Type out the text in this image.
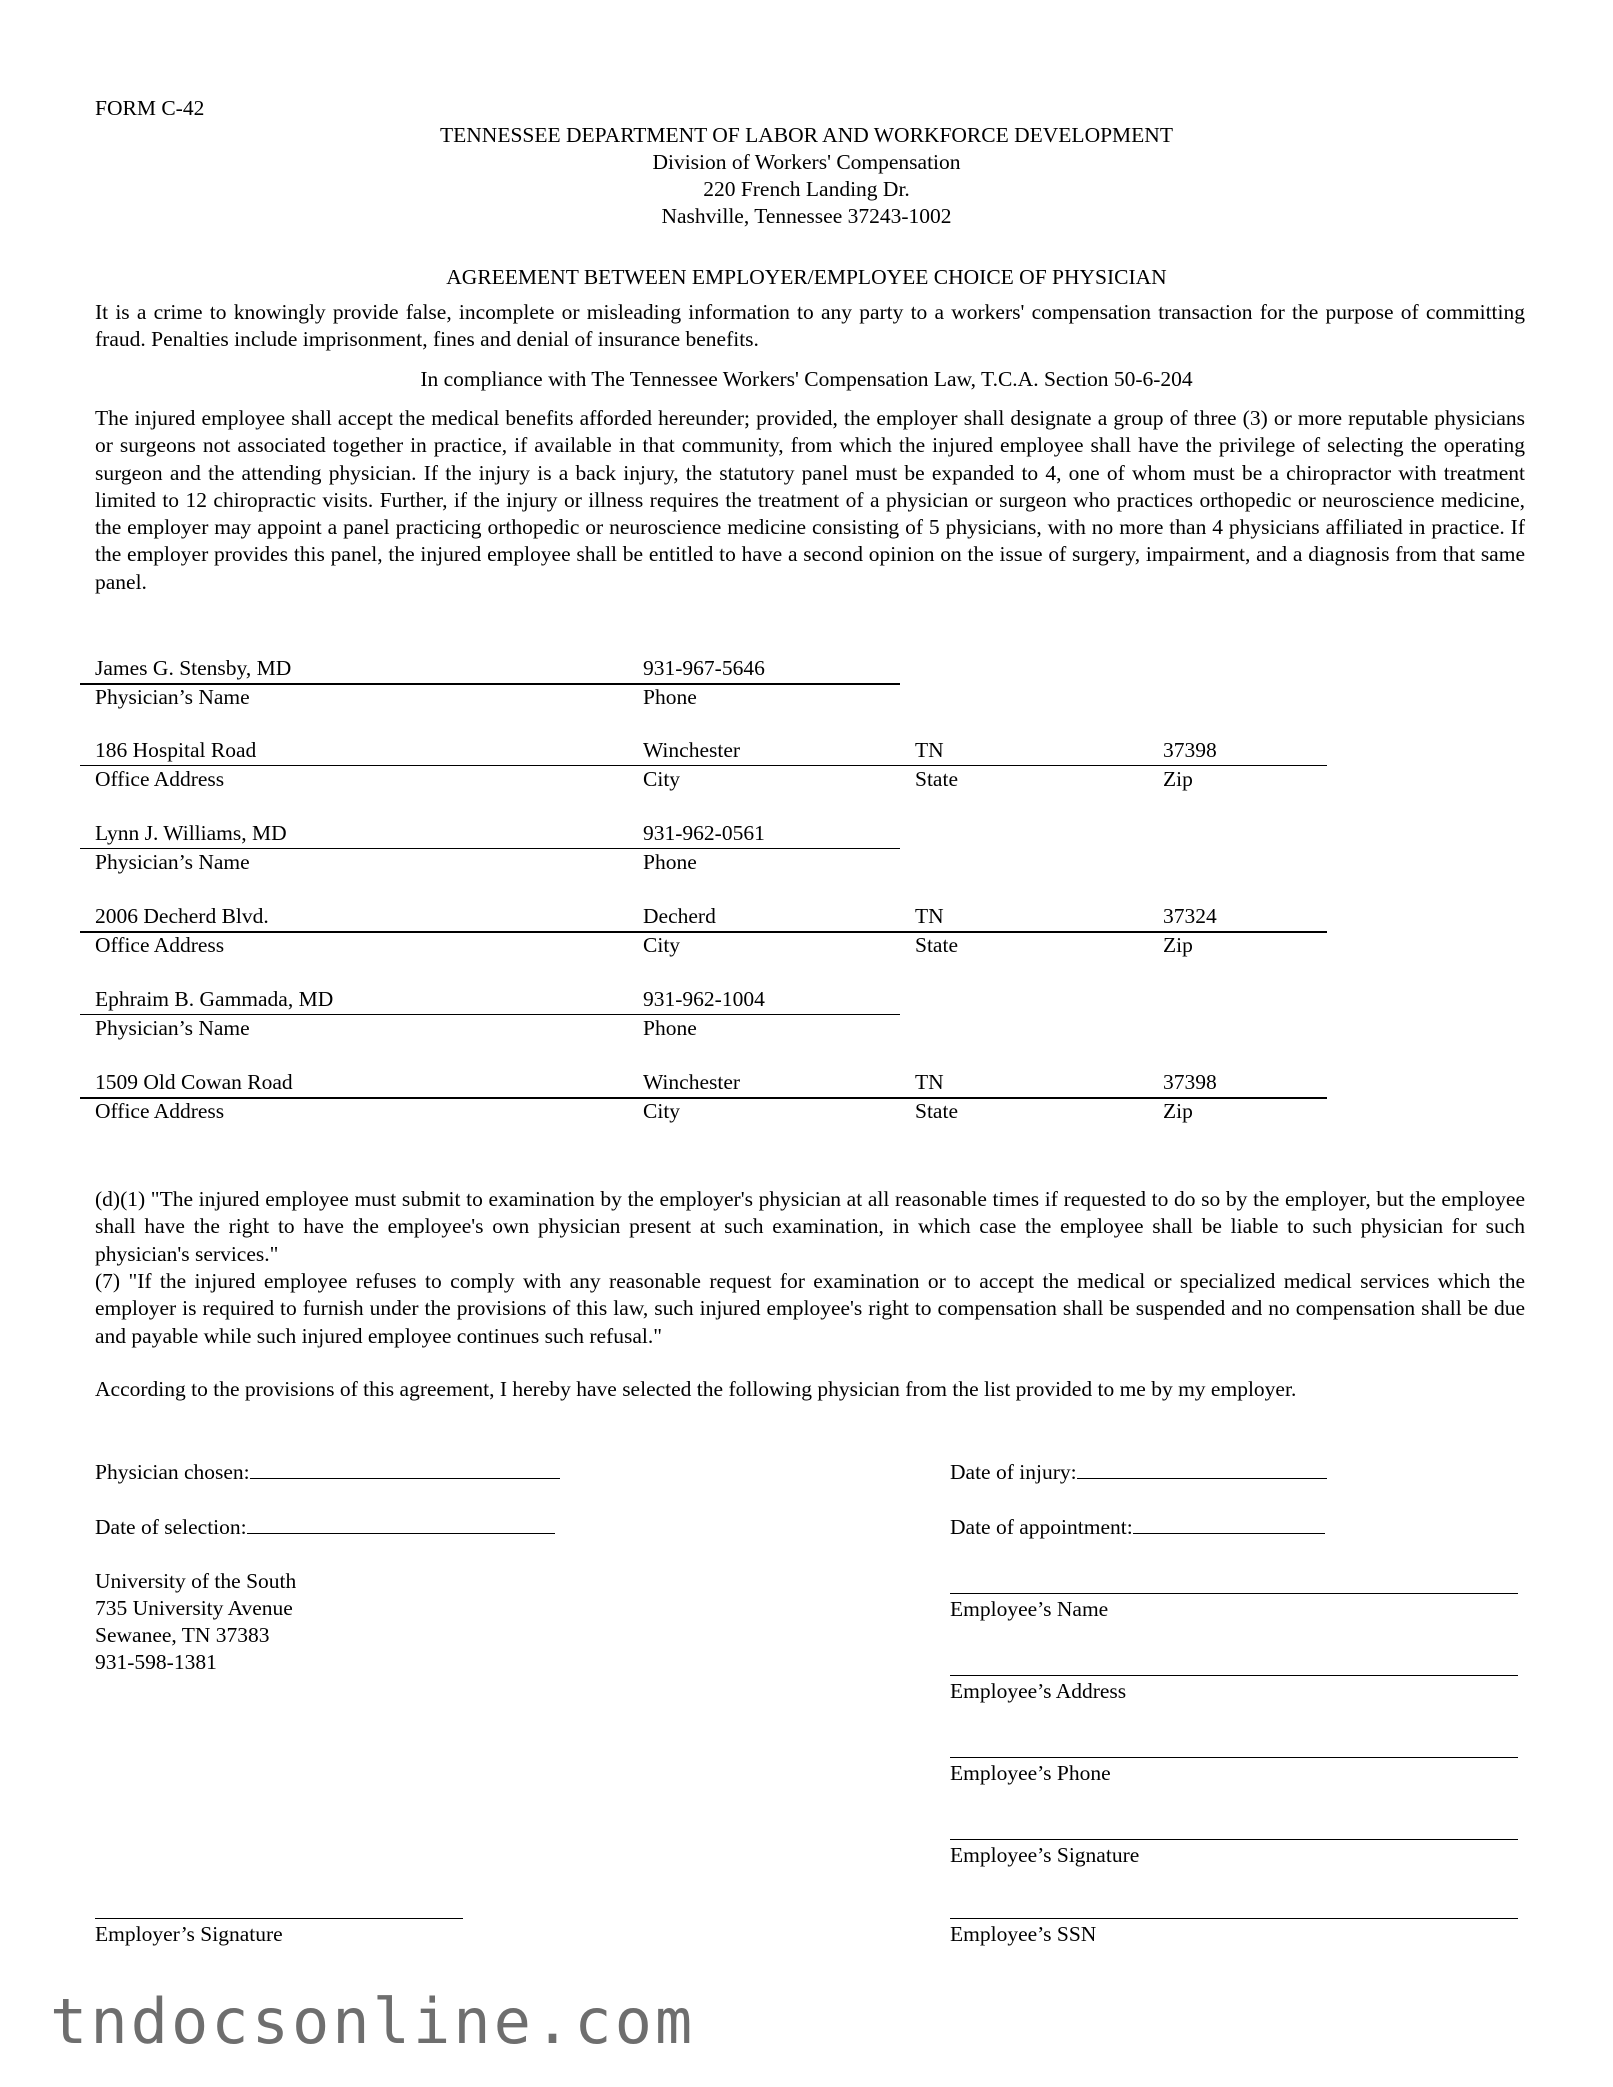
FORM C-42
TENNESSEE DEPARTMENT OF LABOR AND WORKFORCE DEVELOPMENT
Division of Workers' Compensation
220 French Landing Dr.
Nashville, Tennessee 37243-1002
AGREEMENT BETWEEN EMPLOYER/EMPLOYEE CHOICE OF PHYSICIAN
It is a crime to knowingly provide false, incomplete or misleading information to any party to a workers' compensation transaction for the purpose of committing fraud. Penalties include imprisonment, fines and denial of insurance benefits.
In compliance with The Tennessee Workers' Compensation Law, T.C.A. Section 50-6-204
The injured employee shall accept the medical benefits afforded hereunder; provided, the employer shall designate a group of three (3) or more reputable physicians or surgeons not associated together in practice, if available in that community, from which the injured employee shall have the privilege of selecting the operating surgeon and the attending physician. If the injury is a back injury, the statutory panel must be expanded to 4, one of whom must be a chiropractor with treatment limited to 12 chiropractic visits. Further, if the injury or illness requires the treatment of a physician or surgeon who practices orthopedic or neuroscience medicine, the employer may appoint a panel practicing orthopedic or neuroscience medicine consisting of 5 physicians, with no more than 4 physicians affiliated in practice. If the employer provides this panel, the injured employee shall be entitled to have a second opinion on the issue of surgery, impairment, and a diagnosis from that same panel.
James G. Stensby, MD	931-967-5646
Physician’s Name	Phone
186 Hospital Road	Winchester	TN	37398
Office Address	City	State	Zip
Lynn J. Williams, MD	931-962-0561
Physician’s Name	Phone
2006 Decherd Blvd.	Decherd	TN	37324
Office Address	City	State	Zip
Ephraim B. Gammada, MD	931-962-1004
Physician’s Name	Phone
1509 Old Cowan Road	Winchester	TN	37398
Office Address	City	State	Zip
(d)(1) "The injured employee must submit to examination by the employer's physician at all reasonable times if requested to do so by the employer, but the employee shall have the right to have the employee's own physician present at such examination, in which case the employee shall be liable to such physician for such physician's services."
(7) "If the injured employee refuses to comply with any reasonable request for examination or to accept the medical or specialized medical services which the employer is required to furnish under the provisions of this law, such injured employee's right to compensation shall be suspended and no compensation shall be due and payable while such injured employee continues such refusal."
According to the provisions of this agreement, I hereby have selected the following physician from the list provided to me by my employer.
Physician chosen:
Date of selection:
Date of injury:
Date of appointment:
University of the South
735 University Avenue
Sewanee, TN 37383
931-598-1381
Employer’s Signature
Employee’s Name
Employee’s Address
Employee’s Phone
Employee’s Signature
Employee’s SSN
tndocsonline.com
